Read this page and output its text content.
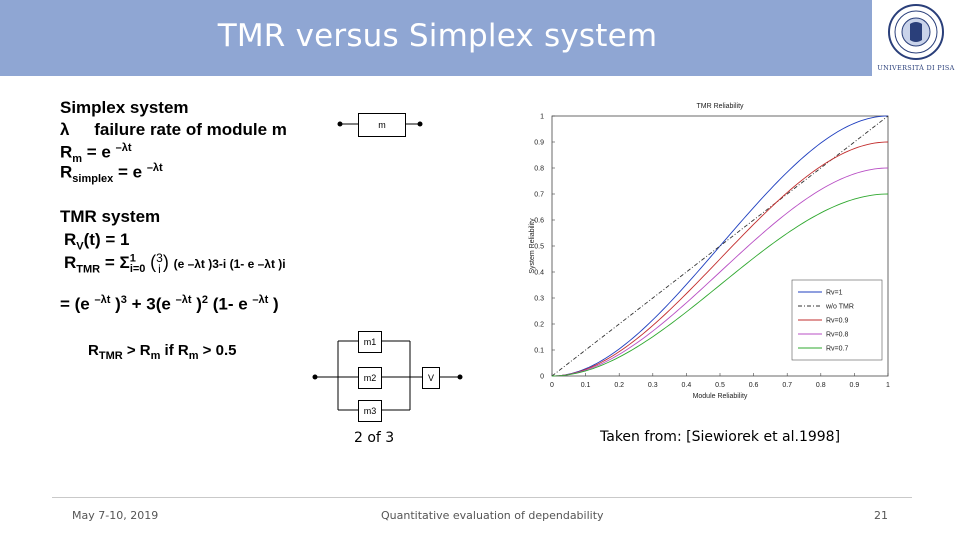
TMR versus Simplex system
UNIVERSITÀ DI PISA
Simplex system
λ failure rate of module m
$R_m = e$ $^{-\lambda t}$
$R_{simplex} = e$ $^{-\lambda t}$
TMR system
$R_V(t) = 1$
$R_{TMR} = \Sigma^1_{i=0}$ (3
i ) (e –λt )3-i (1- e –λt )i
= (e $^{-\lambda t}$ )$^3$ + 3(e $^{-\lambda t}$ )$^2$ (1- e $^{-\lambda t}$ )
$R_{TMR} > R_m$ if $R_m > 0.5$
m
m1
m2
m3
V
2 of 3
0	0.1	0.2	0.3	0.4	0.5	0.6	0.7	0.8	0.9	1
0
0.1
0.2
0.3
0.4
0.5
0.6
0.7
0.8
0.9
1
Rv=1
w/o TMR
Rv=0.9
Rv=0.8
Rv=0.7
TMR Reliability
Module Reliability
System Reliability
Taken from: [Siewiorek et al.1998]
May 7-10, 2019	Quantitative evaluation of dependability	21
